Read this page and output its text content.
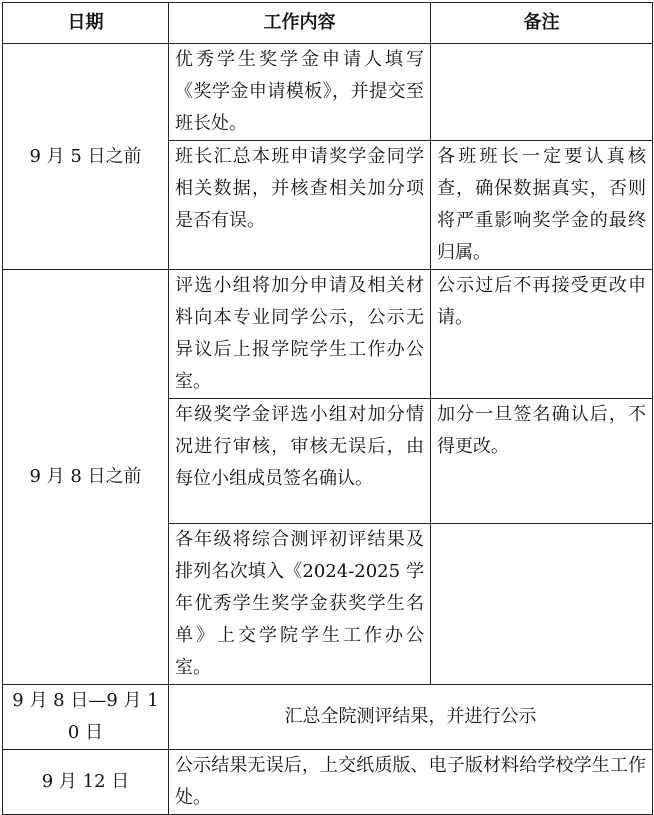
日期	工作内容	备注
9 月 5 日之前	优秀学生奖学金申请人填写《奖学金申请模板》，并提交至班长处。	
	班长汇总本班申请奖学金同学相关数据，并核查相关加分项是否有误。	各班班长一定要认真核查，确保数据真实，否则将严重影响奖学金的最终归属。
9 月 8 日之前	评选小组将加分申请及相关材料向本专业同学公示，公示无异议后上报学院学生工作办公室。	公示过后不再接受更改申请。
	年级奖学金评选小组对加分情况进行审核，审核无误后，由每位小组成员签名确认。	加分一旦签名确认后，不得更改。
	各年级将综合测评初评结果及排列名次填入《2024-2025 学年优秀学生奖学金获奖学生名单》上交学院学生工作办公室。	
9 月 8 日—9 月 10 日	汇总全院测评结果，并进行公示	
9 月 12 日	公示结果无误后，上交纸质版、电子版材料给学校学生工作处。	
